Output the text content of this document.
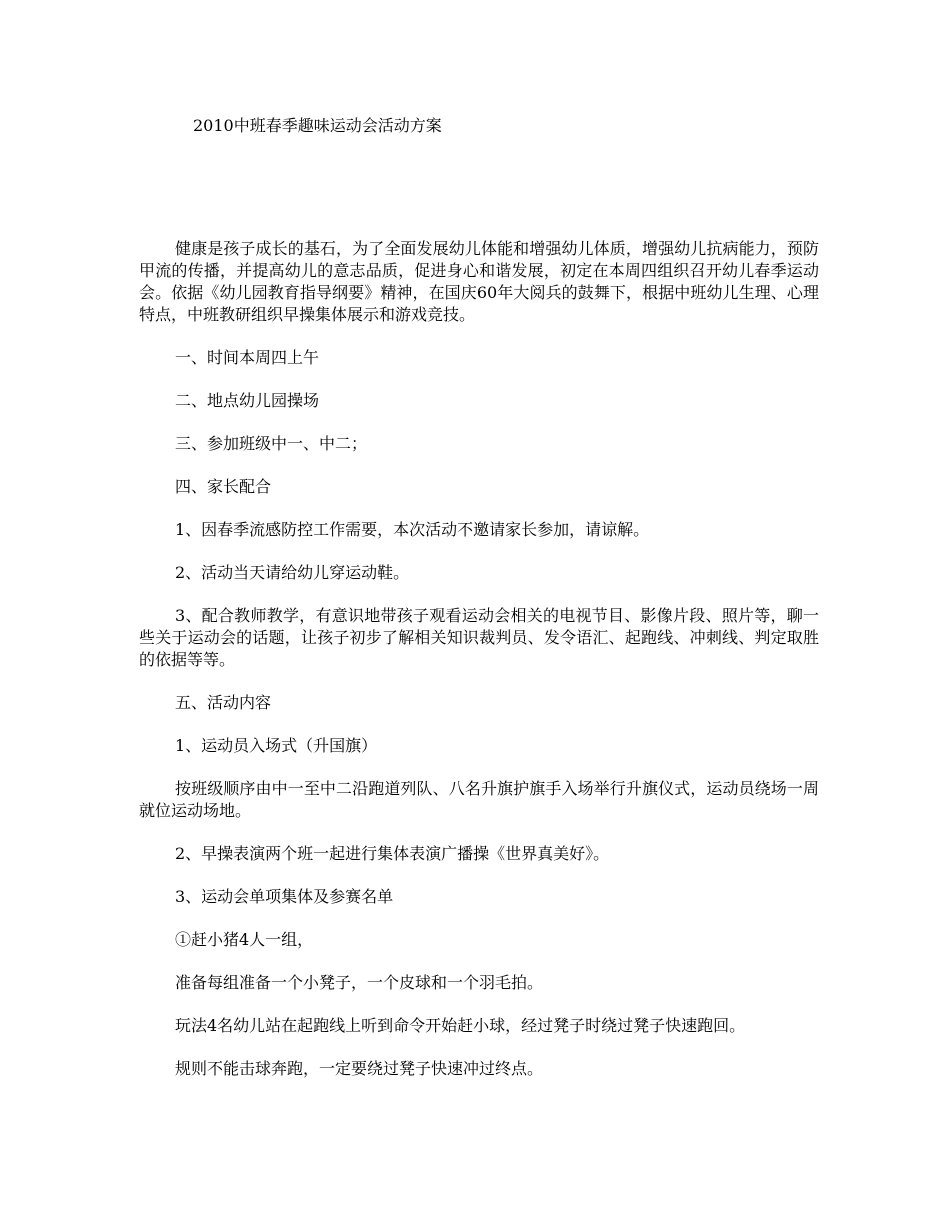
2010中班春季趣味运动会活动方案

健康是孩子成长的基石，为了全面发展幼儿体能和增强幼儿体质，增强幼儿抗病能力，预防甲流的传播，并提高幼儿的意志品质，促进身心和谐发展，初定在本周四组织召开幼儿春季运动会。依据《幼儿园教育指导纲要》精神，在国庆60年大阅兵的鼓舞下，根据中班幼儿生理、心理特点，中班教研组织早操集体展示和游戏竞技。

一、时间本周四上午

二、地点幼儿园操场

三、参加班级中一、中二；

四、家长配合

1、因春季流感防控工作需要，本次活动不邀请家长参加，请谅解。

2、活动当天请给幼儿穿运动鞋。

3、配合教师教学，有意识地带孩子观看运动会相关的电视节目、影像片段、照片等，聊一些关于运动会的话题，让孩子初步了解相关知识裁判员、发令语汇、起跑线、冲刺线、判定取胜的依据等等。

五、活动内容

1、运动员入场式（升国旗）

按班级顺序由中一至中二沿跑道列队、八名升旗护旗手入场举行升旗仪式，运动员绕场一周就位运动场地。

2、早操表演两个班一起进行集体表演广播操《世界真美好》。

3、运动会单项集体及参赛名单

①赶小猪4人一组，

准备每组准备一个小凳子，一个皮球和一个羽毛拍。

玩法4名幼儿站在起跑线上听到命令开始赶小球，经过凳子时绕过凳子快速跑回。

规则不能击球奔跑，一定要绕过凳子快速冲过终点。
